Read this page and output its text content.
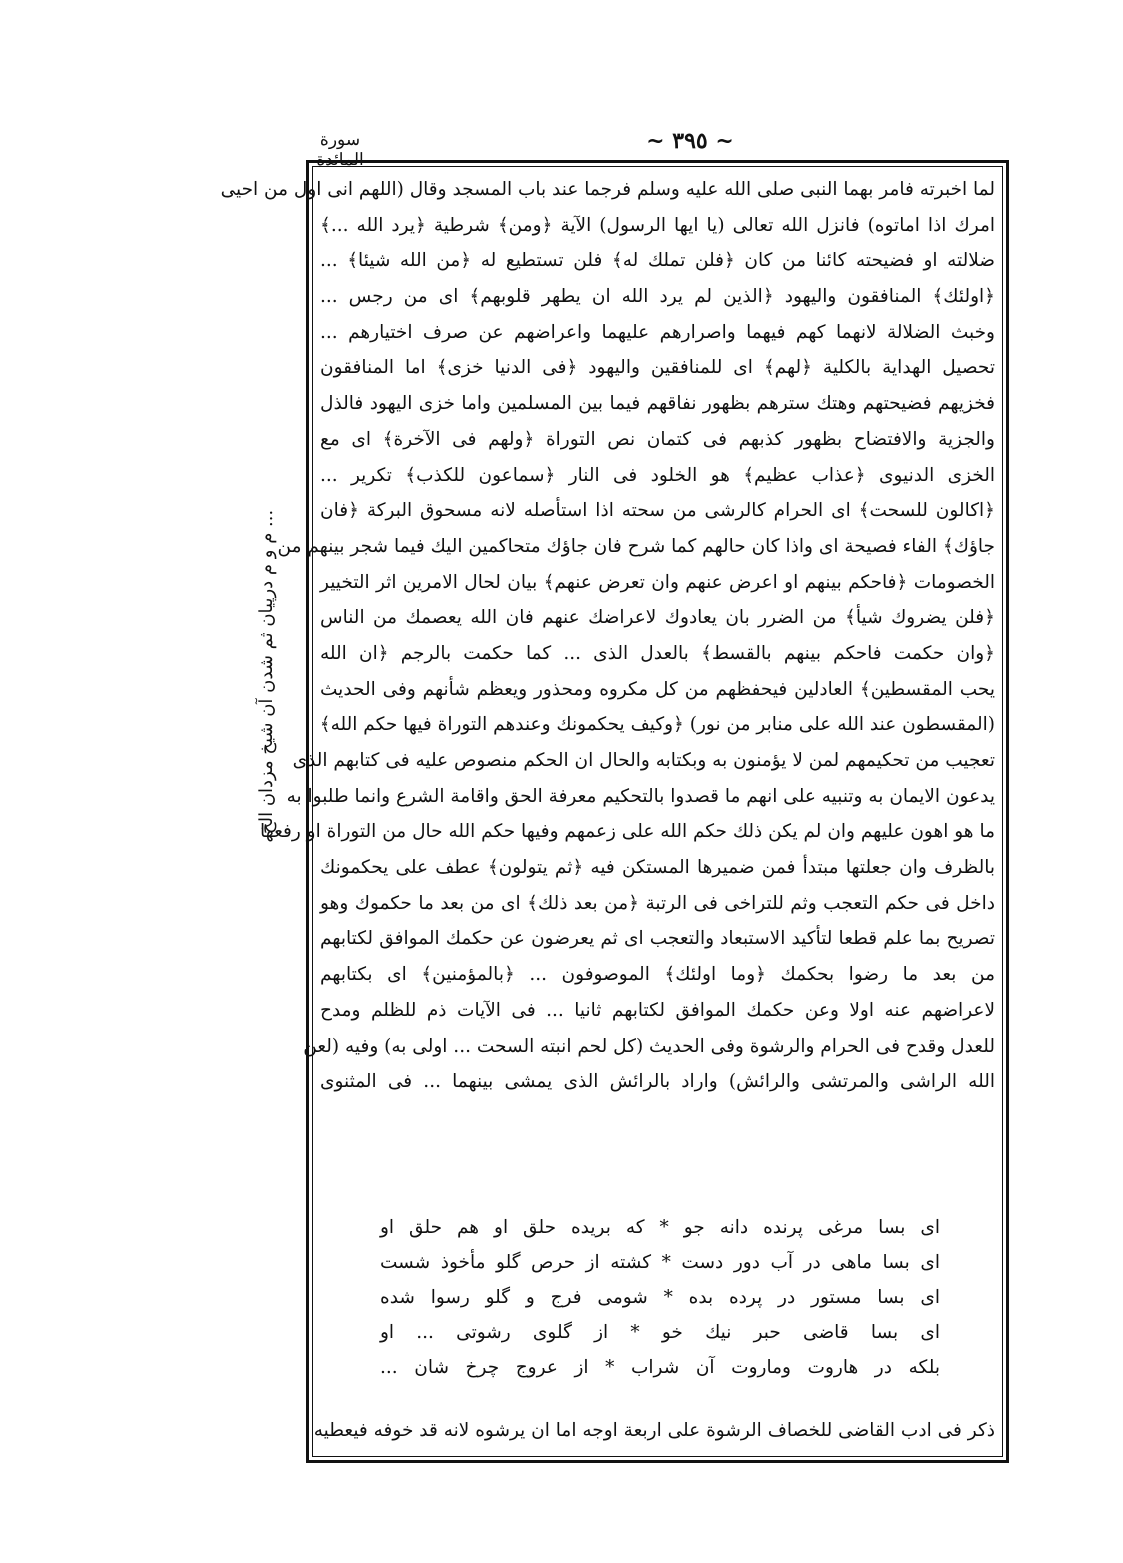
~ ٣٩٥ ~
سورة المائدة
... م و م درپیان ثم شدن آن شیخ مزدان الخ
لما اخبرته فامر بهما النبى صلى الله عليه وسلم فرجما عند باب المسجد وقال (اللهم انى اول من احيى
امرك اذا اماتوه) فانزل الله تعالى (يا ايها الرسول) الآية ﴿ومن﴾ شرطية ﴿يرد الله ...﴾
ضلالته او فضيحته كائنا من كان ﴿فلن تملك له﴾ فلن تستطيع له ﴿من الله شيئا﴾ ...
﴿اولئك﴾ المنافقون واليهود ﴿الذين لم يرد الله ان يطهر قلوبهم﴾ اى من رجس ...
وخبث الضلالة لانهما كهم فيهما واصرارهم عليهما واعراضهم عن صرف اختيارهم ...
تحصيل الهداية بالكلية ﴿لهم﴾ اى للمنافقين واليهود ﴿فى الدنيا خزى﴾ اما المنافقون
فخزيهم فضيحتهم وهتك سترهم بظهور نفاقهم فيما بين المسلمين واما خزى اليهود فالذل
والجزية والافتضاح بظهور كذبهم فى كتمان نص التوراة ﴿ولهم فى الآخرة﴾ اى مع
الخزى الدنيوى ﴿عذاب عظيم﴾ هو الخلود فى النار ﴿سماعون للكذب﴾ تكرير ...
﴿اكالون للسحت﴾ اى الحرام كالرشى من سحته اذا استأصله لانه مسحوق البركة ﴿فان
جاؤك﴾ الفاء فصيحة اى واذا كان حالهم كما شرح فان جاؤك متحاكمين اليك فيما شجر بينهم من
الخصومات ﴿فاحكم بينهم او اعرض عنهم وان تعرض عنهم﴾ بيان لحال الامرين اثر التخيير
﴿فلن يضروك شيأ﴾ من الضرر بان يعادوك لاعراضك عنهم فان الله يعصمك من الناس
﴿وان حكمت فاحكم بينهم بالقسط﴾ بالعدل الذى ... كما حكمت بالرجم ﴿ان الله
يحب المقسطين﴾ العادلين فيحفظهم من كل مكروه ومحذور ويعظم شأنهم وفى الحديث
(المقسطون عند الله على منابر من نور) ﴿وكيف يحكمونك وعندهم التوراة فيها حكم الله﴾
تعجيب من تحكيمهم لمن لا يؤمنون به وبكتابه والحال ان الحكم منصوص عليه فى كتابهم الذى
يدعون الايمان به وتنبيه على انهم ما قصدوا بالتحكيم معرفة الحق واقامة الشرع وانما طلبوا به
ما هو اهون عليهم وان لم يكن ذلك حكم الله على زعمهم وفيها حكم الله حال من التوراة او رفعها
بالظرف وان جعلتها مبتدأ فمن ضميرها المستكن فيه ﴿ثم يتولون﴾ عطف على يحكمونك
داخل فى حكم التعجب وثم للتراخى فى الرتبة ﴿من بعد ذلك﴾ اى من بعد ما حكموك وهو
تصريح بما علم قطعا لتأكيد الاستبعاد والتعجب اى ثم يعرضون عن حكمك الموافق لكتابهم
من بعد ما رضوا بحكمك ﴿وما اولئك﴾ الموصوفون ... ﴿بالمؤمنين﴾ اى بكتابهم
لاعراضهم عنه اولا وعن حكمك الموافق لكتابهم ثانيا ... فى الآيات ذم للظلم ومدح
للعدل وقدح فى الحرام والرشوة وفى الحديث (كل لحم انبته السحت ... اولى به) وفيه (لعن
الله الراشى والمرتشى والرائش) واراد بالرائش الذى يمشى بينهما ... فى المثنوى
اى بسا مرغى پرنده دانه جو * كه بريده حلق او هم حلق او
اى بسا ماهى در آب دور دست * كشته از حرص گلو مأخوذ شست
اى بسا مستور در پرده بده * شومى فرج و گلو رسوا شده
اى بسا قاضى حبر نيك خو * از گلوى رشوتى ... او
بلكه در هاروت وماروت آن شراب * از عروج چرخ شان ...
ذكر فى ادب القاضى للخصاف الرشوة على اربعة اوجه اما ان يرشوه لانه قد خوفه فيعطيه
